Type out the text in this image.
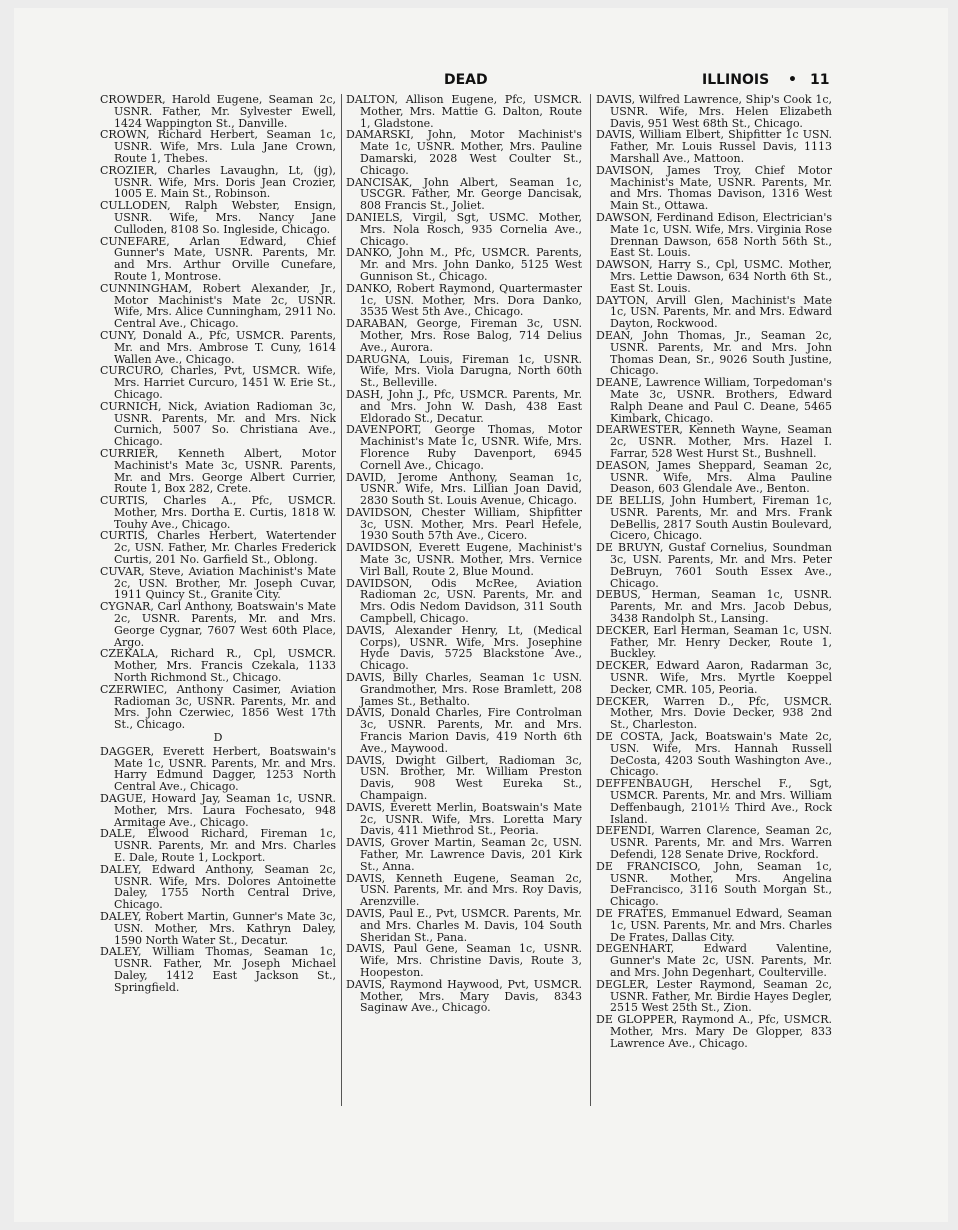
DEAD	ILLINOIS • 11

CROWDER, Harold Eugene, Seaman 2c, USNR. Father, Mr. Sylvester Ewell, 1424 Wappington St., Danville.

CROWN, Richard Herbert, Seaman 1c, USNR. Wife, Mrs. Lula Jane Crown, Route 1, Thebes.

CROZIER, Charles Lavaughn, Lt, (jg), USNR. Wife, Mrs. Doris Jean Crozier, 1005 E. Main St., Robinson.

CULLODEN, Ralph Webster, Ensign, USNR. Wife, Mrs. Nancy Jane Culloden, 8108 So. Ingleside, Chicago.

CUNEFARE, Arlan Edward, Chief Gunner's Mate, USNR. Parents, Mr. and Mrs. Arthur Orville Cunefare, Route 1, Montrose.

CUNNINGHAM, Robert Alexander, Jr., Motor Machinist's Mate 2c, USNR. Wife, Mrs. Alice Cunningham, 2911 No. Central Ave., Chicago.

CUNY, Donald A., Pfc, USMCR. Parents, Mr. and Mrs. Ambrose T. Cuny, 1614 Wallen Ave., Chicago.

CURCURO, Charles, Pvt, USMCR. Wife, Mrs. Harriet Curcuro, 1451 W. Erie St., Chicago.

CURNICH, Nick, Aviation Radioman 3c, USNR. Parents, Mr. and Mrs. Nick Curnich, 5007 So. Christiana Ave., Chicago.

CURRIER, Kenneth Albert, Motor Machinist's Mate 3c, USNR. Parents, Mr. and Mrs. George Albert Currier, Route 1, Box 282, Crete.

CURTIS, Charles A., Pfc, USMCR. Mother, Mrs. Dortha E. Curtis, 1818 W. Touhy Ave., Chicago.

CURTIS, Charles Herbert, Watertender 2c, USN. Father, Mr. Charles Frederick Curtis, 201 No. Garfield St., Oblong.

CUVAR, Steve, Aviation Machinist's Mate 2c, USN. Brother, Mr. Joseph Cuvar, 1911 Quincy St., Granite City.

CYGNAR, Carl Anthony, Boatswain's Mate 2c, USNR. Parents, Mr. and Mrs. George Cygnar, 7607 West 60th Place, Argo.

CZEKALA, Richard R., Cpl, USMCR. Mother, Mrs. Francis Czekala, 1133 North Richmond St., Chicago.

CZERWIEC, Anthony Casimer, Aviation Radioman 3c, USNR. Parents, Mr. and Mrs. John Czerwiec, 1856 West 17th St., Chicago.

D

DAGGER, Everett Herbert, Boatswain's Mate 1c, USNR. Parents, Mr. and Mrs. Harry Edmund Dagger, 1253 North Central Ave., Chicago.

DAGUE, Howard Jay, Seaman 1c, USNR. Mother, Mrs. Laura Fochesato, 948 Armitage Ave., Chicago.

DALE, Elwood Richard, Fireman 1c, USNR. Parents, Mr. and Mrs. Charles E. Dale, Route 1, Lockport.

DALEY, Edward Anthony, Seaman 2c, USNR. Wife, Mrs. Dolores Antoinette Daley, 1755 North Central Drive, Chicago.

DALEY, Robert Martin, Gunner's Mate 3c, USN. Mother, Mrs. Kathryn Daley, 1590 North Water St., Decatur.

DALEY, William Thomas, Seaman 1c, USNR. Father, Mr. Joseph Michael Daley, 1412 East Jackson St., Springfield.

DALTON, Allison Eugene, Pfc, USMCR. Mother, Mrs. Mattie G. Dalton, Route 1, Gladstone.

DAMARSKI, John, Motor Machinist's Mate 1c, USNR. Mother, Mrs. Pauline Damarski, 2028 West Coulter St., Chicago.

DANCISAK, John Albert, Seaman 1c, USCGR. Father, Mr. George Dancisak, 808 Francis St., Joliet.

DANIELS, Virgil, Sgt, USMC. Mother, Mrs. Nola Rosch, 935 Cornelia Ave., Chicago.

DANKO, John M., Pfc, USMCR. Parents, Mr. and Mrs. John Danko, 5125 West Gunnison St., Chicago.

DANKO, Robert Raymond, Quartermaster 1c, USN. Mother, Mrs. Dora Danko, 3535 West 5th Ave., Chicago.

DARABAN, George, Fireman 3c, USN. Mother, Mrs. Rose Balog, 714 Delius Ave., Aurora.

DARUGNA, Louis, Fireman 1c, USNR. Wife, Mrs. Viola Darugna, North 60th St., Belleville.

DASH, John J., Pfc, USMCR. Parents, Mr. and Mrs. John W. Dash, 438 East Eldorado St., Decatur.

DAVENPORT, George Thomas, Motor Machinist's Mate 1c, USNR. Wife, Mrs. Florence Ruby Davenport, 6945 Cornell Ave., Chicago.

DAVID, Jerome Anthony, Seaman 1c, USNR. Wife, Mrs. Lillian Joan David, 2830 South St. Louis Avenue, Chicago.

DAVIDSON, Chester William, Shipfitter 3c, USN. Mother, Mrs. Pearl Hefele, 1930 South 57th Ave., Cicero.

DAVIDSON, Everett Eugene, Machinist's Mate 3c, USNR. Mother, Mrs. Vernice Virl Ball, Route 2, Blue Mound.

DAVIDSON, Odis McRee, Aviation Radioman 2c, USN. Parents, Mr. and Mrs. Odis Nedom Davidson, 311 South Campbell, Chicago.

DAVIS, Alexander Henry, Lt, (Medical Corps), USNR. Wife, Mrs. Josephine Hyde Davis, 5725 Blackstone Ave., Chicago.

DAVIS, Billy Charles, Seaman 1c USN. Grandmother, Mrs. Rose Bramlett, 208 James St., Bethalto.

DAVIS, Donald Charles, Fire Controlman 3c, USNR. Parents, Mr. and Mrs. Francis Marion Davis, 419 North 6th Ave., Maywood.

DAVIS, Dwight Gilbert, Radioman 3c, USN. Brother, Mr. William Preston Davis, 908 West Eureka St., Champaign.

DAVIS, Everett Merlin, Boatswain's Mate 2c, USNR. Wife, Mrs. Loretta Mary Davis, 411 Miethrod St., Peoria.

DAVIS, Grover Martin, Seaman 2c, USN. Father, Mr. Lawrence Davis, 201 Kirk St., Anna.

DAVIS, Kenneth Eugene, Seaman 2c, USN. Parents, Mr. and Mrs. Roy Davis, Arenzville.

DAVIS, Paul E., Pvt, USMCR. Parents, Mr. and Mrs. Charles M. Davis, 104 South Sheridan St., Pana.

DAVIS, Paul Gene, Seaman 1c, USNR. Wife, Mrs. Christine Davis, Route 3, Hoopeston.

DAVIS, Raymond Haywood, Pvt, USMCR. Mother, Mrs. Mary Davis, 8343 Saginaw Ave., Chicago.

DAVIS, Wilfred Lawrence, Ship's Cook 1c, USNR. Wife, Mrs. Helen Elizabeth Davis, 951 West 68th St., Chicago.

DAVIS, William Elbert, Shipfitter 1c USN. Father, Mr. Louis Russel Davis, 1113 Marshall Ave., Mattoon.

DAVISON, James Troy, Chief Motor Machinist's Mate, USNR. Parents, Mr. and Mrs. Thomas Davison, 1316 West Main St., Ottawa.

DAWSON, Ferdinand Edison, Electrician's Mate 1c, USN. Wife, Mrs. Virginia Rose Drennan Dawson, 658 North 56th St., East St. Louis.

DAWSON, Harry S., Cpl, USMC. Mother, Mrs. Lettie Dawson, 634 North 6th St., East St. Louis.

DAYTON, Arvill Glen, Machinist's Mate 1c, USN. Parents, Mr. and Mrs. Edward Dayton, Rockwood.

DEAN, John Thomas, Jr., Seaman 2c, USNR. Parents, Mr. and Mrs. John Thomas Dean, Sr., 9026 South Justine, Chicago.

DEANE, Lawrence William, Torpedoman's Mate 3c, USNR. Brothers, Edward Ralph Deane and Paul C. Deane, 5465 Kimbark, Chicago.

DEARWESTER, Kenneth Wayne, Seaman 2c, USNR. Mother, Mrs. Hazel I. Farrar, 528 West Hurst St., Bushnell.

DEASON, James Sheppard, Seaman 2c, USNR. Wife, Mrs. Alma Pauline Deason, 603 Glendale Ave., Benton.

DE BELLIS, John Humbert, Fireman 1c, USNR. Parents, Mr. and Mrs. Frank DeBellis, 2817 South Austin Boulevard, Cicero, Chicago.

DE BRUYN, Gustaf Cornelius, Soundman 3c, USN. Parents, Mr. and Mrs. Peter DeBruyn, 7601 South Essex Ave., Chicago.

DEBUS, Herman, Seaman 1c, USNR. Parents, Mr. and Mrs. Jacob Debus, 3438 Randolph St., Lansing.

DECKER, Earl Herman, Seaman 1c, USN. Father, Mr. Henry Decker, Route 1, Buckley.

DECKER, Edward Aaron, Radarman 3c, USNR. Wife, Mrs. Myrtle Koeppel Decker, CMR. 105, Peoria.

DECKER, Warren D., Pfc, USMCR. Mother, Mrs. Dovie Decker, 938 2nd St., Charleston.

DE COSTA, Jack, Boatswain's Mate 2c, USN. Wife, Mrs. Hannah Russell DeCosta, 4203 South Washington Ave., Chicago.

DEFFENBAUGH, Herschel F., Sgt, USMCR. Parents, Mr. and Mrs. William Deffenbaugh, 2101½ Third Ave., Rock Island.

DEFENDI, Warren Clarence, Seaman 2c, USNR. Parents, Mr. and Mrs. Warren Defendi, 128 Senate Drive, Rockford.

DE FRANCISCO, John, Seaman 1c, USNR. Mother, Mrs. Angelina DeFrancisco, 3116 South Morgan St., Chicago.

DE FRATES, Emmanuel Edward, Seaman 1c, USN. Parents, Mr. and Mrs. Charles De Frates, Dallas City.

DEGENHART, Edward Valentine, Gunner's Mate 2c, USN. Parents, Mr. and Mrs. John Degenhart, Coulterville.

DEGLER, Lester Raymond, Seaman 2c, USNR. Father, Mr. Birdie Hayes Degler, 2515 West 25th St., Zion.

DE GLOPPER, Raymond A., Pfc, USMCR. Mother, Mrs. Mary De Glopper, 833 Lawrence Ave., Chicago.
